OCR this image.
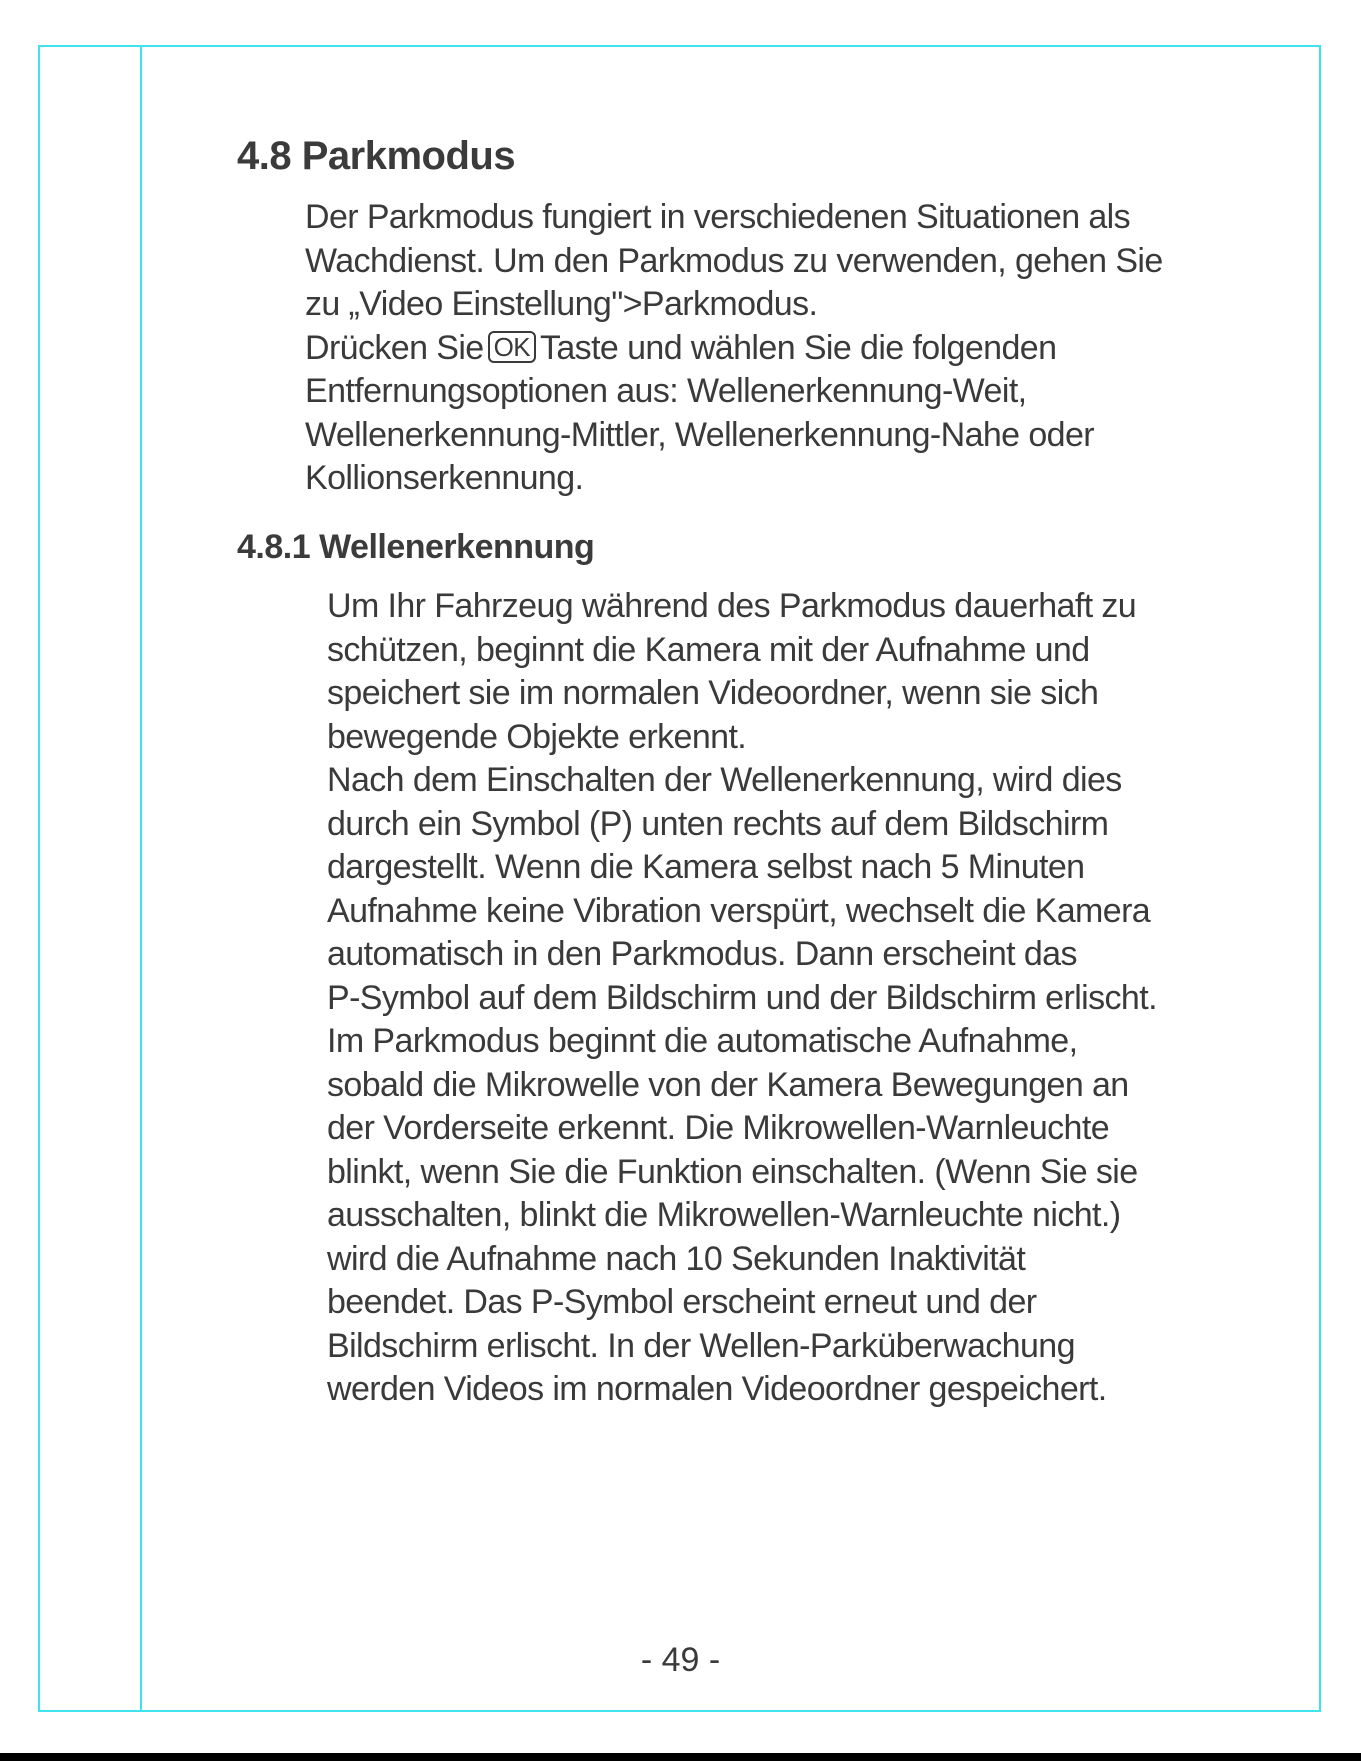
4.8 Parkmodus
Der Parkmodus fungiert in verschiedenen Situationen als
Wachdienst. Um den Parkmodus zu verwenden, gehen Sie
zu „Video Einstellung">Parkmodus.
Drücken Sie OK Taste und wählen Sie die folgenden
Entfernungsoptionen aus: Wellenerkennung-Weit,
Wellenerkennung-Mittler, Wellenerkennung-Nahe oder
Kollionserkennung.
4.8.1 Wellenerkennung
Um Ihr Fahrzeug während des Parkmodus dauerhaft zu
schützen, beginnt die Kamera mit der Aufnahme und
speichert sie im normalen Videoordner, wenn sie sich
bewegende Objekte erkennt.
Nach dem Einschalten der Wellenerkennung, wird dies
durch ein Symbol (P) unten rechts auf dem Bildschirm
dargestellt. Wenn die Kamera selbst nach 5 Minuten
Aufnahme keine Vibration verspürt, wechselt die Kamera
automatisch in den Parkmodus. Dann erscheint das
P-Symbol auf dem Bildschirm und der Bildschirm erlischt.
Im Parkmodus beginnt die automatische Aufnahme,
sobald die Mikrowelle von der Kamera Bewegungen an
der Vorderseite erkennt. Die Mikrowellen-Warnleuchte
blinkt, wenn Sie die Funktion einschalten. (Wenn Sie sie
ausschalten, blinkt die Mikrowellen-Warnleuchte nicht.)
wird die Aufnahme nach 10 Sekunden Inaktivität
beendet. Das P-Symbol erscheint erneut und der
Bildschirm erlischt. In der Wellen-Parküberwachung
werden Videos im normalen Videoordner gespeichert.

- 49 -
